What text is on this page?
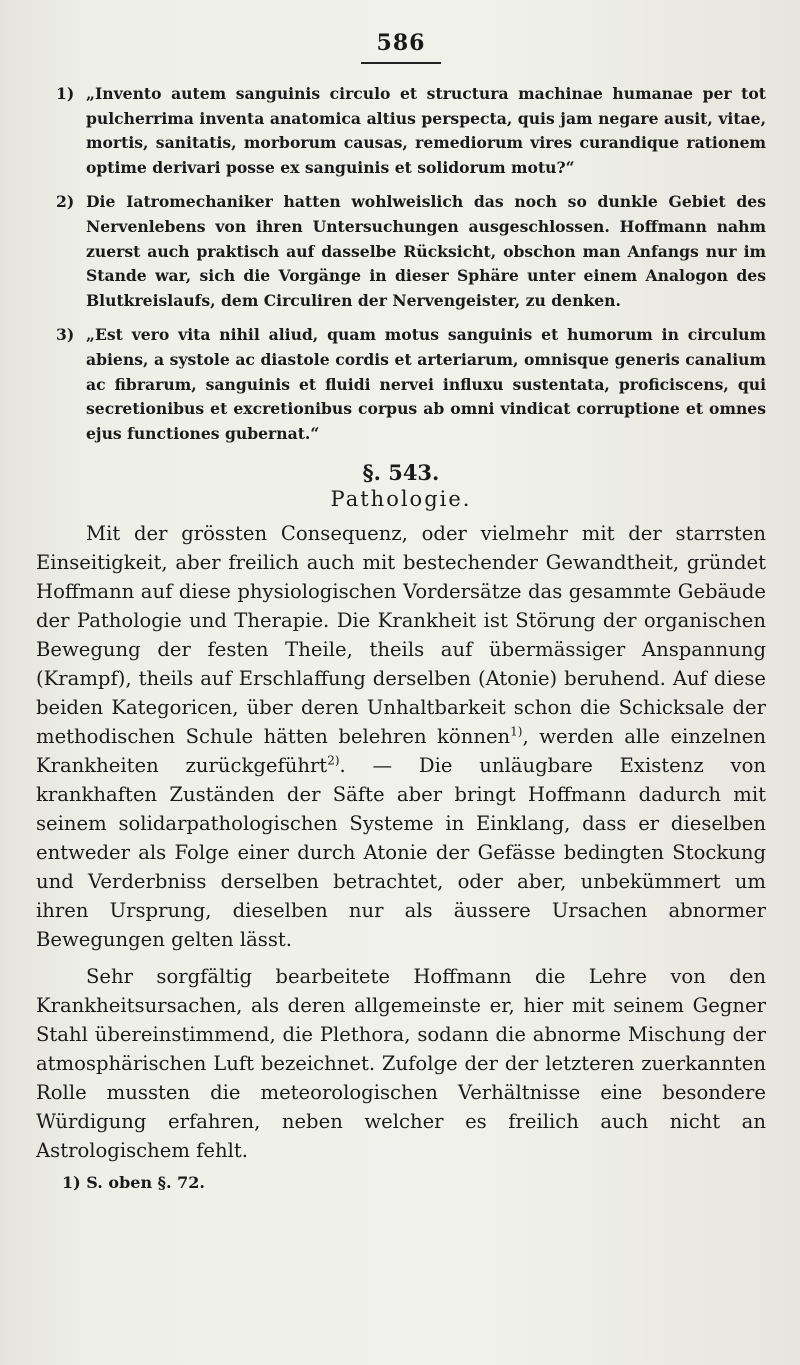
586
1) „Invento autem sanguinis circulo et structura machinae humanae per tot pulcherrima inventa anatomica altius perspecta, quis jam negare ausit, vitae, mortis, sanitatis, morborum causas, remediorum vires curandique rationem optime derivari posse ex sanguinis et solidorum motu?“
2) Die Iatromechaniker hatten wohlweislich das noch so dunkle Gebiet des Nervenlebens von ihren Untersuchungen ausgeschlossen. Hoffmann nahm zuerst auch praktisch auf dasselbe Rücksicht, obschon man Anfangs nur im Stande war, sich die Vorgänge in dieser Sphäre unter einem Analogon des Blutkreislaufs, dem Circuliren der Nervengeister, zu denken.
3) „Est vero vita nihil aliud, quam motus sanguinis et humorum in circulum abiens, a systole ac diastole cordis et arteriarum, omnisque generis canalium ac fibrarum, sanguinis et fluidi nervei influxu sustentata, proficiscens, qui secretionibus et excretionibus corpus ab omni vindicat corruptione et omnes ejus functiones gubernat.“
§. 543.
Pathologie.

Mit der grössten Consequenz, oder vielmehr mit der starrsten Einseitigkeit, aber freilich auch mit bestechender Gewandtheit, gründet Hoffmann auf diese physiologischen Vordersätze das gesammte Gebäude der Pathologie und Therapie. Die Krankheit ist Störung der organischen Bewegung der festen Theile, theils auf übermässiger Anspannung (Krampf), theils auf Erschlaffung derselben (Atonie) beruhend. Auf diese beiden Kategoricen, über deren Unhaltbarkeit schon die Schicksale der methodischen Schule hätten belehren können$^{1)}$, werden alle einzelnen Krankheiten zurückgeführt$^{2)}$. — Die unläugbare Existenz von krankhaften Zuständen der Säfte aber bringt Hoffmann dadurch mit seinem solidarpathologischen Systeme in Einklang, dass er dieselben entweder als Folge einer durch Atonie der Gefässe bedingten Stockung und Verderbniss derselben betrachtet, oder aber, unbekümmert um ihren Ursprung, dieselben nur als äussere Ursachen abnormer Bewegungen gelten lässt.

Sehr sorgfältig bearbeitete Hoffmann die Lehre von den Krankheitsursachen, als deren allgemeinste er, hier mit seinem Gegner Stahl übereinstimmend, die Plethora, sodann die abnorme Mischung der atmosphärischen Luft bezeichnet. Zufolge der der letzteren zuerkannten Rolle mussten die meteorologischen Verhältnisse eine besondere Würdigung erfahren, neben welcher es freilich auch nicht an Astrologischem fehlt.

1) S. oben §. 72.
